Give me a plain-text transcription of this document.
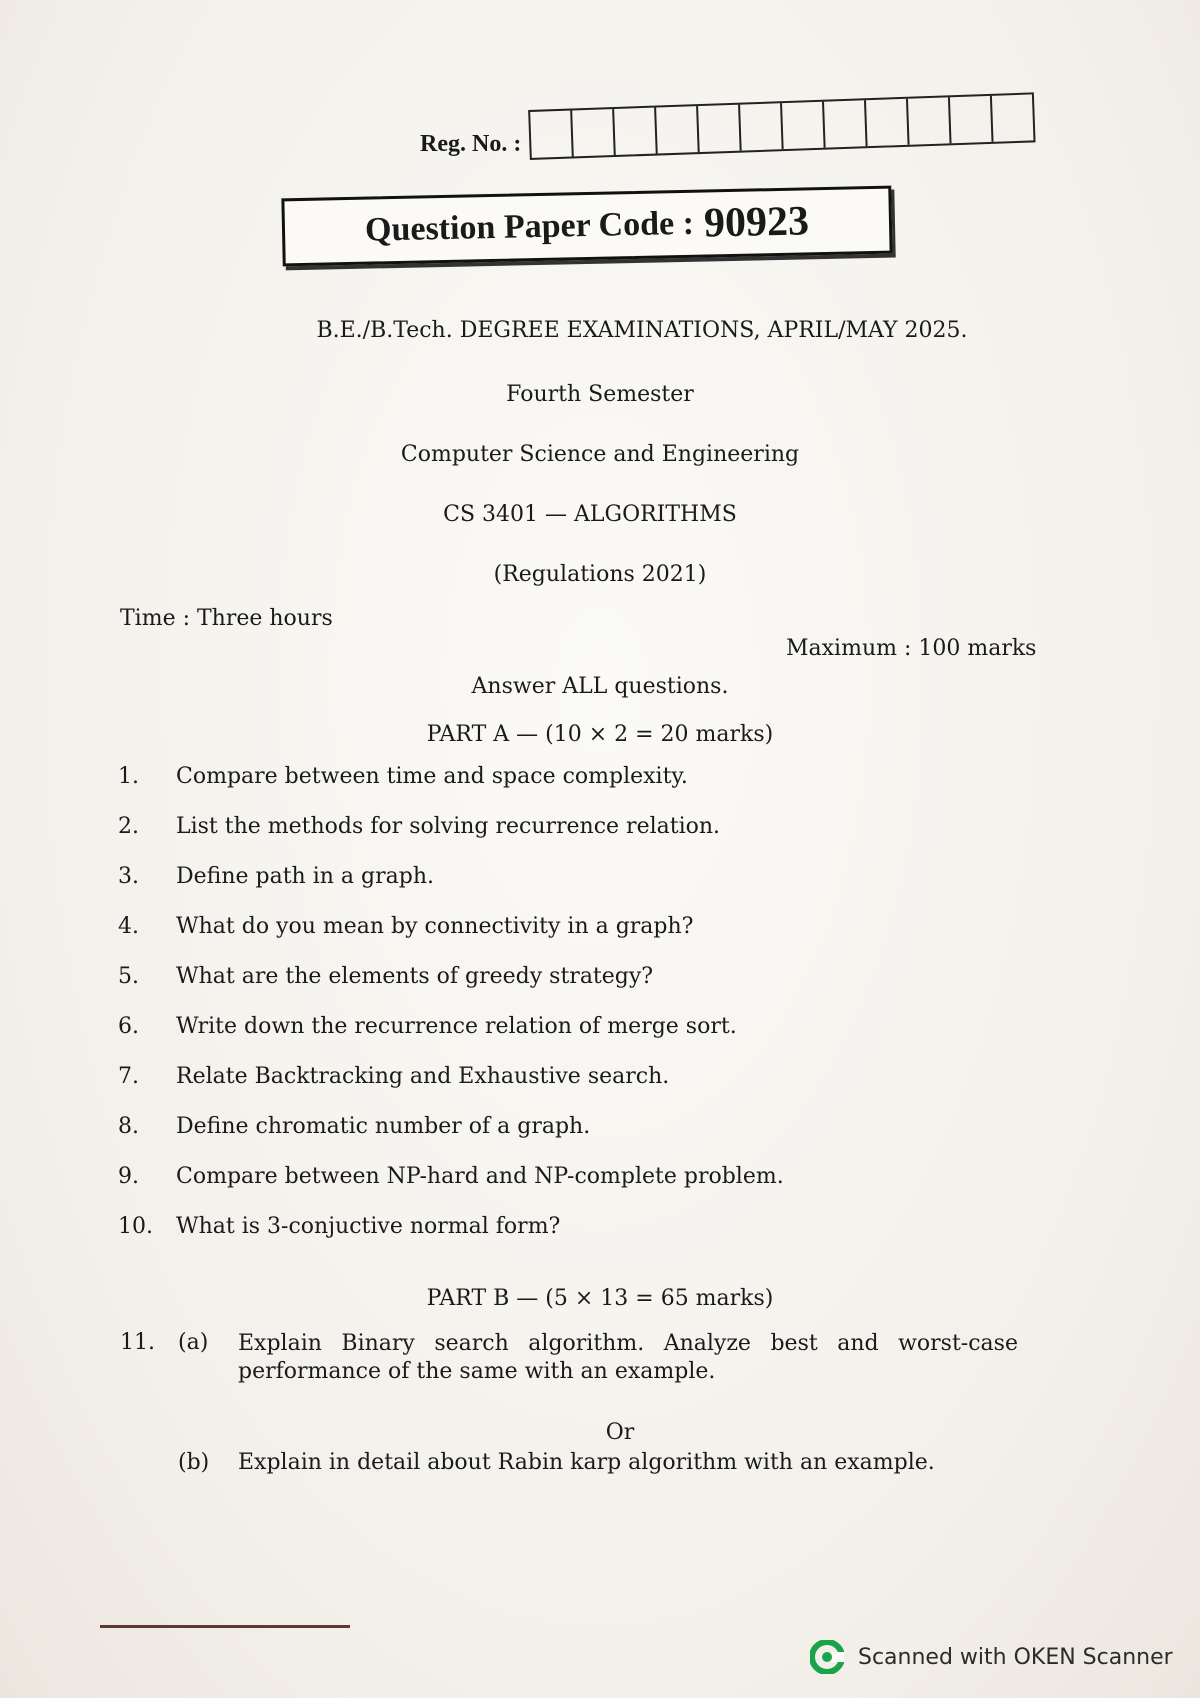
Reg. No. :
Question Paper Code : 90923
B.E./B.Tech. DEGREE EXAMINATIONS, APRIL/MAY 2025.
Fourth Semester
Computer Science and Engineering
CS 3401 — ALGORITHMS
(Regulations 2021)
Time : Three hours
Maximum : 100 marks
Answer ALL questions.
PART A — (10 × 2 = 20 marks)
1.	Compare between time and space complexity.
2.	List the methods for solving recurrence relation.
3.	Define path in a graph.
4.	What do you mean by connectivity in a graph?
5.	What are the elements of greedy strategy?
6.	Write down the recurrence relation of merge sort.
7.	Relate Backtracking and Exhaustive search.
8.	Define chromatic number of a graph.
9.	Compare between NP-hard and NP-complete problem.
10.	What is 3-conjuctive normal form?
PART B — (5 × 13 = 65 marks)
11. (a) Explain Binary search algorithm. Analyze best and worst-case performance of the same with an example.
Or
(b) Explain in detail about Rabin karp algorithm with an example.
Scanned with OKEN Scanner
